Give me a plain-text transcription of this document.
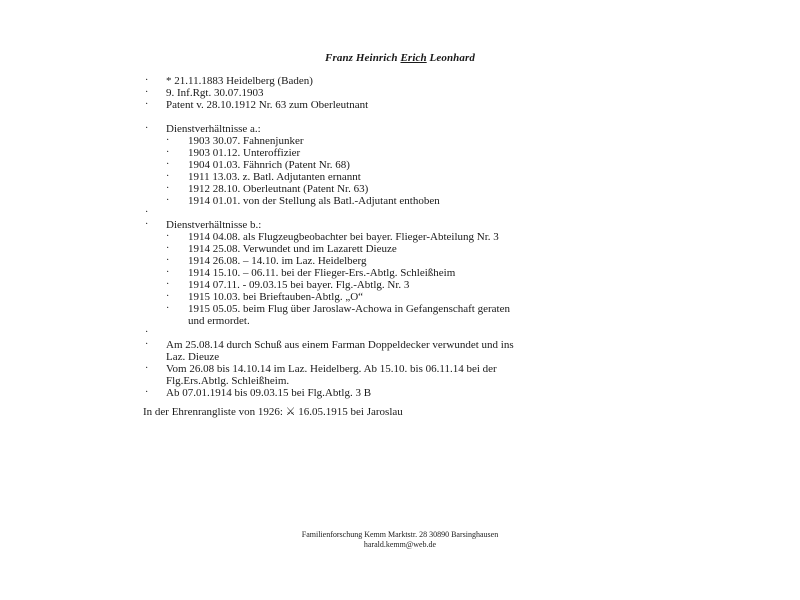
Franz Heinrich Erich Leonhard
· * 21.11.1883 Heidelberg (Baden)
· 9. Inf.Rgt. 30.07.1903
· Patent v. 28.10.1912 Nr. 63 zum Oberleutnant
· Dienstverhältnisse a.:
· 1903 30.07. Fahnenjunker
· 1903 01.12. Unteroffizier
· 1904 01.03. Fähnrich (Patent Nr. 68)
· 1911 13.03. z. Batl. Adjutanten ernannt
· 1912 28.10. Oberleutnant (Patent Nr. 63)
· 1914 01.01. von der Stellung als Batl.-Adjutant enthoben
·
· Dienstverhältnisse b.:
· 1914 04.08. als Flugzeugbeobachter bei bayer. Flieger-Abteilung Nr. 3
· 1914 25.08. Verwundet und im Lazarett Dieuze
· 1914 26.08. – 14.10. im Laz. Heidelberg
· 1914 15.10. – 06.11. bei der Flieger-Ers.-Abtlg. Schleißheim
· 1914 07.11. - 09.03.15 bei bayer. Flg.-Abtlg. Nr. 3
· 1915 10.03. bei Brieftauben-Abtlg. „O“
· 1915 05.05. beim Flug über Jaroslaw-Achowa in Gefangenschaft geraten
und ermordet.
·
· Am 25.08.14 durch Schuß aus einem Farman Doppeldecker verwundet und ins
Laz. Dieuze
· Vom 26.08 bis 14.10.14 im Laz. Heidelberg. Ab 15.10. bis 06.11.14 bei der
Flg.Ers.Abtlg. Schleißheim.
· Ab 07.01.1914 bis 09.03.15 bei Flg.Abtlg. 3 B
In der Ehrenrangliste von 1926: ⚔ 16.05.1915 bei Jaroslau
Familienforschung Kemm Marktstr. 28 30890 Barsinghausen
harald.kemm@web.de
